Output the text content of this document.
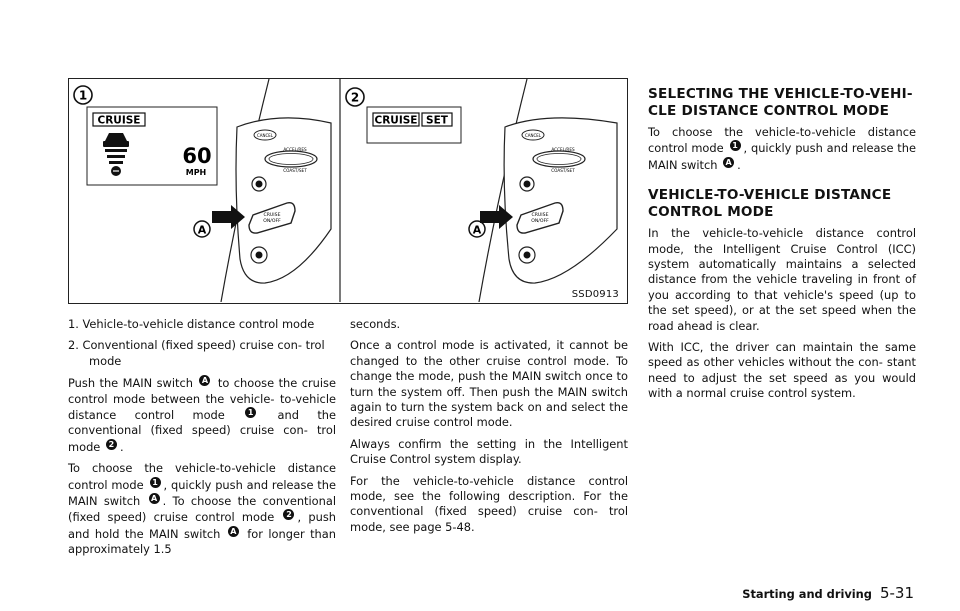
1
CRUISE
60
MPH
CANCEL
ACCEL/RES
COAST/SET
CRUISE
ON/OFF
A
2
CRUISE SET
CANCEL
ACCEL/RES
COAST/SET
CRUISE
ON/OFF
A
SSD0913
1. Vehicle-to-vehicle distance control mode
2. Conventional (fixed speed) cruise con- trol mode

Push the MAIN switch A to choose the cruise control mode between the vehicle- to-vehicle distance control mode	1 and the conventional (fixed speed) cruise con- trol mode 2 .

To choose the vehicle-to-vehicle distance control mode 1 , quickly push and release the MAIN switch A . To choose the conventional (fixed speed) cruise control mode 2 , push and hold the MAIN switch A for longer than approximately 1.5

seconds.

Once a control mode is activated, it cannot be changed to the other cruise control mode. To change the mode, push the MAIN switch once to turn the system off. Then push the MAIN switch again to turn the system back on and select the desired cruise control mode.

Always confirm the setting in the Intelligent Cruise Control system display.

For the vehicle-to-vehicle distance control mode, see the following description. For the conventional (fixed speed) cruise con- trol mode, see page 5-48.

SELECTING THE VEHICLE-TO-VEHI- CLE DISTANCE CONTROL MODE

To choose the vehicle-to-vehicle distance control mode 1 , quickly push and release the MAIN switch A .

VEHICLE-TO-VEHICLE DISTANCE CONTROL MODE

In the vehicle-to-vehicle distance control mode, the Intelligent Cruise Control (ICC) system automatically maintains a selected distance from the vehicle traveling in front of you according to that vehicle's speed (up to the set speed), or at the set speed when the road ahead is clear.

With ICC, the driver can maintain the same speed as other vehicles without the con- stant need to adjust the set speed as you would with a normal cruise control system.

Starting and driving 5-31
